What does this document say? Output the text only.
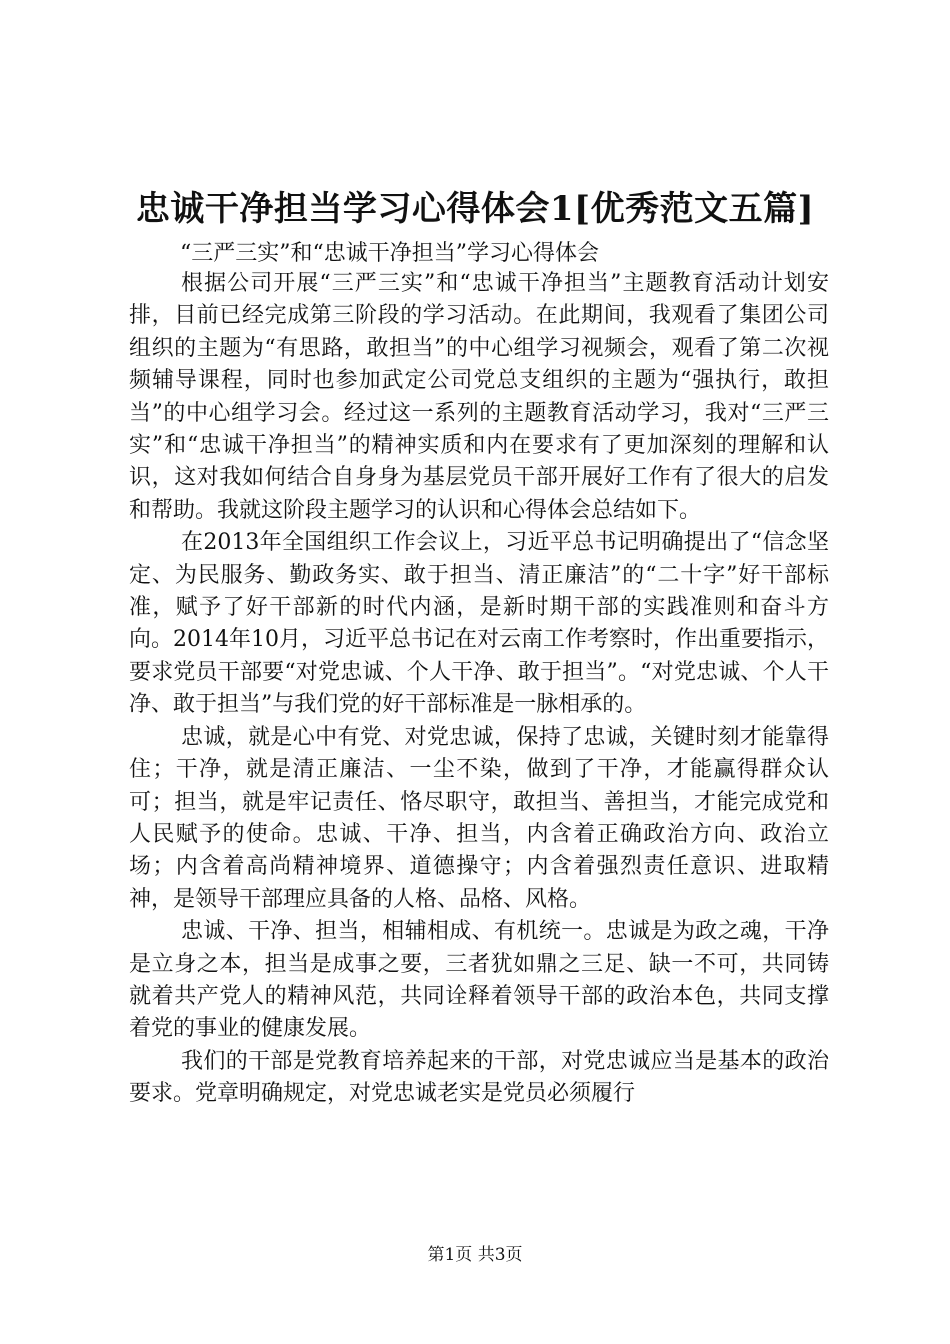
忠诚干净担当学习心得体会1[优秀范文五篇]

“三严三实”和“忠诚干净担当”学习心得体会

根据公司开展“三严三实”和“忠诚干净担当”主题教育活动计划安排，目前已经完成第三阶段的学习活动。在此期间，我观看了集团公司组织的主题为“有思路，敢担当”的中心组学习视频会，观看了第二次视频辅导课程，同时也参加武定公司党总支组织的主题为“强执行，敢担当”的中心组学习会。经过这一系列的主题教育活动学习，我对“三严三实”和“忠诚干净担当”的精神实质和内在要求有了更加深刻的理解和认识，这对我如何结合自身身为基层党员干部开展好工作有了很大的启发和帮助。我就这阶段主题学习的认识和心得体会总结如下。

在2013年全国组织工作会议上，习近平总书记明确提出了“信念坚定、为民服务、勤政务实、敢于担当、清正廉洁”的“二十字”好干部标准，赋予了好干部新的时代内涵，是新时期干部的实践准则和奋斗方向。2014年10月，习近平总书记在对云南工作考察时，作出重要指示，要求党员干部要“对党忠诚、个人干净、敢于担当”。“对党忠诚、个人干净、敢于担当”与我们党的好干部标准是一脉相承的。

忠诚，就是心中有党、对党忠诚，保持了忠诚，关键时刻才能靠得住；干净，就是清正廉洁、一尘不染，做到了干净，才能赢得群众认可；担当，就是牢记责任、恪尽职守，敢担当、善担当，才能完成党和人民赋予的使命。忠诚、干净、担当，内含着正确政治方向、政治立场；内含着高尚精神境界、道德操守；内含着强烈责任意识、进取精神，是领导干部理应具备的人格、品格、风格。

忠诚、干净、担当，相辅相成、有机统一。忠诚是为政之魂，干净是立身之本，担当是成事之要，三者犹如鼎之三足、缺一不可，共同铸就着共产党人的精神风范，共同诠释着领导干部的政治本色，共同支撑着党的事业的健康发展。

我们的干部是党教育培养起来的干部，对党忠诚应当是基本的政治要求。党章明确规定，对党忠诚老实是党员必须履行

第1页 共3页
